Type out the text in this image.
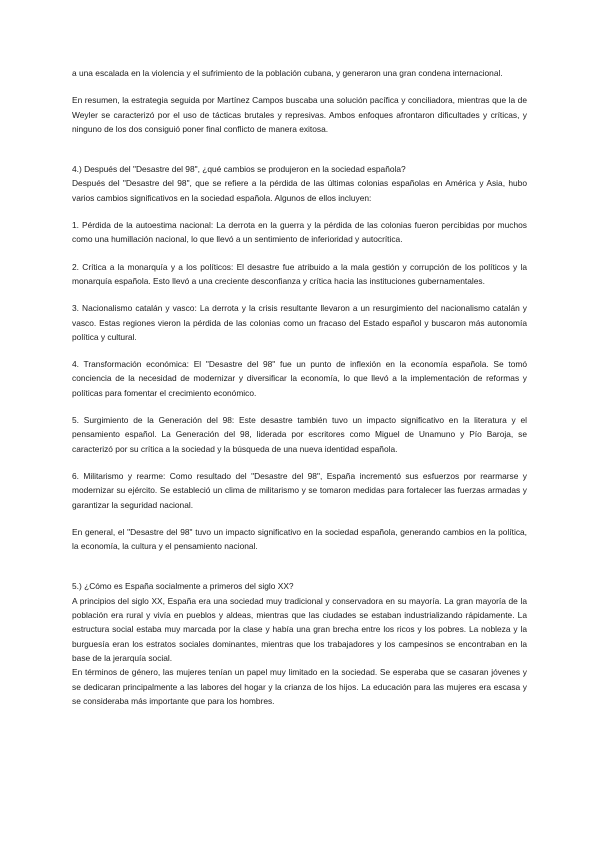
a una escalada en la violencia y el sufrimiento de la población cubana, y generaron una gran condena internacional.

En resumen, la estrategia seguida por Martínez Campos buscaba una solución pacífica y conciliadora, mientras que la de Weyler se caracterizó por el uso de tácticas brutales y represivas. Ambos enfoques afrontaron dificultades y críticas, y ninguno de los dos consiguió poner final conflicto de manera exitosa.

4.) Después del "Desastre del 98", ¿qué cambios se produjeron en la sociedad española?

Después del "Desastre del 98", que se refiere a la pérdida de las últimas colonias españolas en América y Asia, hubo varios cambios significativos en la sociedad española. Algunos de ellos incluyen:

1. Pérdida de la autoestima nacional: La derrota en la guerra y la pérdida de las colonias fueron percibidas por muchos como una humillación nacional, lo que llevó a un sentimiento de inferioridad y autocrítica.

2. Crítica a la monarquía y a los políticos: El desastre fue atribuido a la mala gestión y corrupción de los políticos y la monarquía española. Esto llevó a una creciente desconfianza y crítica hacia las instituciones gubernamentales.

3. Nacionalismo catalán y vasco: La derrota y la crisis resultante llevaron a un resurgimiento del nacionalismo catalán y vasco. Estas regiones vieron la pérdida de las colonias como un fracaso del Estado español y buscaron más autonomía política y cultural.

4. Transformación económica: El "Desastre del 98" fue un punto de inflexión en la economía española. Se tomó conciencia de la necesidad de modernizar y diversificar la economía, lo que llevó a la implementación de reformas y políticas para fomentar el crecimiento económico.

5. Surgimiento de la Generación del 98: Este desastre también tuvo un impacto significativo en la literatura y el pensamiento español. La Generación del 98, liderada por escritores como Miguel de Unamuno y Pío Baroja, se caracterizó por su crítica a la sociedad y la búsqueda de una nueva identidad española.

6. Militarismo y rearme: Como resultado del "Desastre del 98", España incrementó sus esfuerzos por rearmarse y modernizar su ejército. Se estableció un clima de militarismo y se tomaron medidas para fortalecer las fuerzas armadas y garantizar la seguridad nacional.

En general, el "Desastre del 98" tuvo un impacto significativo en la sociedad española, generando cambios en la política, la economía, la cultura y el pensamiento nacional.

5.) ¿Cómo es España socialmente a primeros del siglo XX?

A principios del siglo XX, España era una sociedad muy tradicional y conservadora en su mayoría. La gran mayoría de la población era rural y vivía en pueblos y aldeas, mientras que las ciudades se estaban industrializando rápidamente. La estructura social estaba muy marcada por la clase y había una gran brecha entre los ricos y los pobres. La nobleza y la burguesía eran los estratos sociales dominantes, mientras que los trabajadores y los campesinos se encontraban en la base de la jerarquía social.

En términos de género, las mujeres tenían un papel muy limitado en la sociedad. Se esperaba que se casaran jóvenes y se dedicaran principalmente a las labores del hogar y la crianza de los hijos. La educación para las mujeres era escasa y se consideraba más importante que para los hombres.
